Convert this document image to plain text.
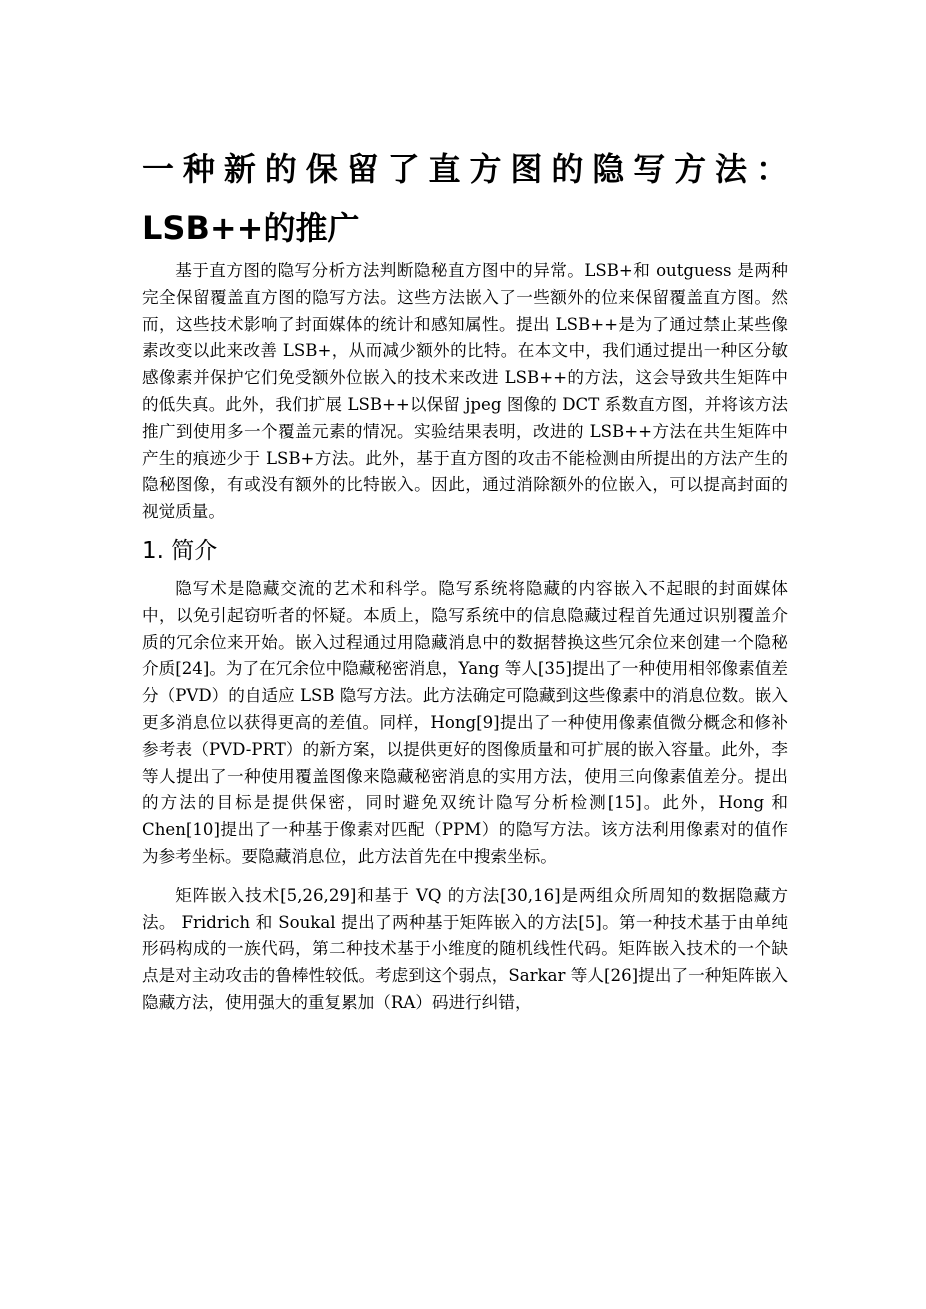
一种新的保留了直方图的隐写方法： LSB++的推广

基于直方图的隐写分析方法判断隐秘直方图中的异常。LSB+和 outguess 是两种完全保留覆盖直方图的隐写方法。这些方法嵌入了一些额外的位来保留覆盖直方图。然而，这些技术影响了封面媒体的统计和感知属性。提出 LSB++是为了通过禁止某些像素改变以此来改善 LSB+，从而减少额外的比特。在本文中，我们通过提出一种区分敏感像素并保护它们免受额外位嵌入的技术来改进 LSB++的方法，这会导致共生矩阵中的低失真。此外，我们扩展 LSB++以保留 jpeg 图像的 DCT 系数直方图，并将该方法推广到使用多一个覆盖元素的情况。实验结果表明，改进的 LSB++方法在共生矩阵中产生的痕迹少于 LSB+方法。此外，基于直方图的攻击不能检测由所提出的方法产生的隐秘图像，有或没有额外的比特嵌入。因此，通过消除额外的位嵌入，可以提高封面的视觉质量。

1. 简介

隐写术是隐藏交流的艺术和科学。隐写系统将隐藏的内容嵌入不起眼的封面媒体中，以免引起窃听者的怀疑。本质上，隐写系统中的信息隐藏过程首先通过识别覆盖介质的冗余位来开始。嵌入过程通过用隐藏消息中的数据替换这些冗余位来创建一个隐秘介质[24]。为了在冗余位中隐藏秘密消息，Yang 等人[35]提出了一种使用相邻像素值差分（PVD）的自适应 LSB 隐写方法。此方法确定可隐藏到这些像素中的消息位数。嵌入更多消息位以获得更高的差值。同样，Hong[9]提出了一种使用像素值微分概念和修补参考表（PVD-PRT）的新方案，以提供更好的图像质量和可扩展的嵌入容量。此外，李等人提出了一种使用覆盖图像来隐藏秘密消息的实用方法，使用三向像素值差分。提出的方法的目标是提供保密，同时避免双统计隐写分析检测[15]。此外，Hong 和 Chen[10]提出了一种基于像素对匹配（PPM）的隐写方法。该方法利用像素对的值作为参考坐标。要隐藏消息位，此方法首先在中搜索坐标。

矩阵嵌入技术[5,26,29]和基于 VQ 的方法[30,16]是两组众所周知的数据隐藏方法。 Fridrich 和 Soukal 提出了两种基于矩阵嵌入的方法[5]。第一种技术基于由单纯形码构成的一族代码，第二种技术基于小维度的随机线性代码。矩阵嵌入技术的一个缺点是对主动攻击的鲁棒性较低。考虑到这个弱点，Sarkar 等人[26]提出了一种矩阵嵌入隐藏方法，使用强大的重复累加（RA）码进行纠错，
